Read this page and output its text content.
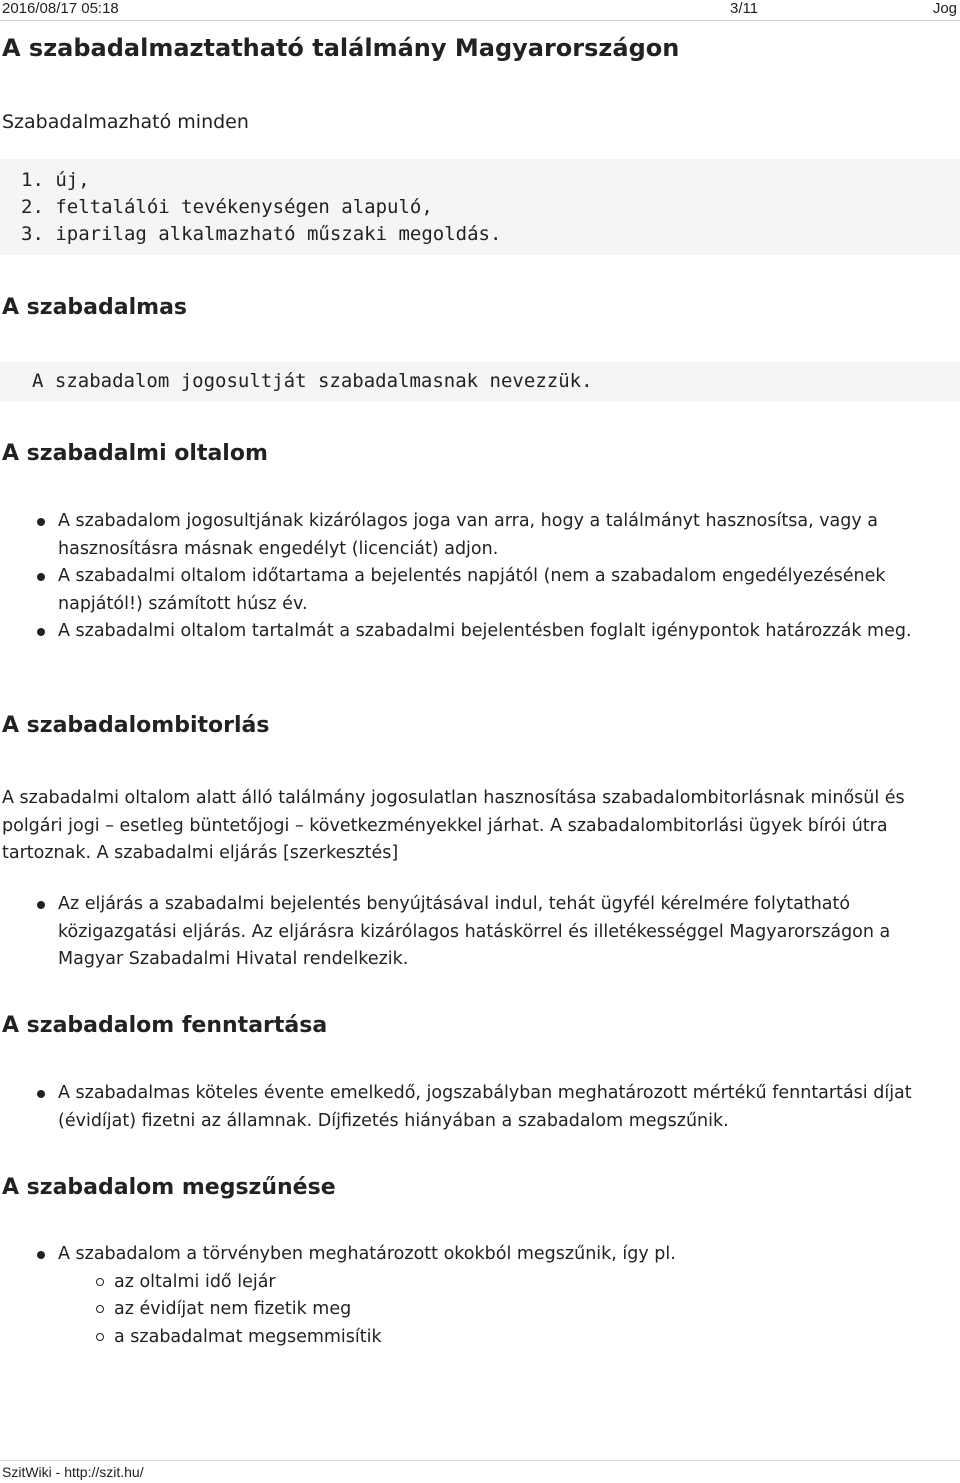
2016/08/17 05:18	3/11	Jog
A szabadalmaztatható találmány Magyarországon

Szabadalmazható minden

1. új,
2. feltalálói tevékenységen alapuló,
3. iparilag alkalmazható műszaki megoldás.
A szabadalmas
A szabadalom jogosultját szabadalmasnak nevezzük.
A szabadalmi oltalom
A szabadalom jogosultjának kizárólagos joga van arra, hogy a találmányt hasznosítsa, vagy a hasznosításra másnak engedélyt (licenciát) adjon.
A szabadalmi oltalom időtartama a bejelentés napjától (nem a szabadalom engedélyezésének napjától!) számított húsz év.
A szabadalmi oltalom tartalmát a szabadalmi bejelentésben foglalt igénypontok határozzák meg.
A szabadalombitorlás

A szabadalmi oltalom alatt álló találmány jogosulatlan hasznosítása szabadalombitorlásnak minősül és polgári jogi – esetleg büntetőjogi – következményekkel járhat. A szabadalombitorlási ügyek bírói útra tartoznak. A szabadalmi eljárás [szerkesztés]

Az eljárás a szabadalmi bejelentés benyújtásával indul, tehát ügyfél kérelmére folytatható közigazgatási eljárás. Az eljárásra kizárólagos hatáskörrel és illetékességgel Magyarországon a Magyar Szabadalmi Hivatal rendelkezik.
A szabadalom fenntartása
A szabadalmas köteles évente emelkedő, jogszabályban meghatározott mértékű fenntartási díjat (évidíjat) fizetni az államnak. Díjfizetés hiányában a szabadalom megszűnik.
A szabadalom megszűnése
A szabadalom a törvényben meghatározott okokból megszűnik, így pl.
az oltalmi idő lejár
az évidíjat nem fizetik meg
a szabadalmat megsemmisítik
SzitWiki - http://szit.hu/
